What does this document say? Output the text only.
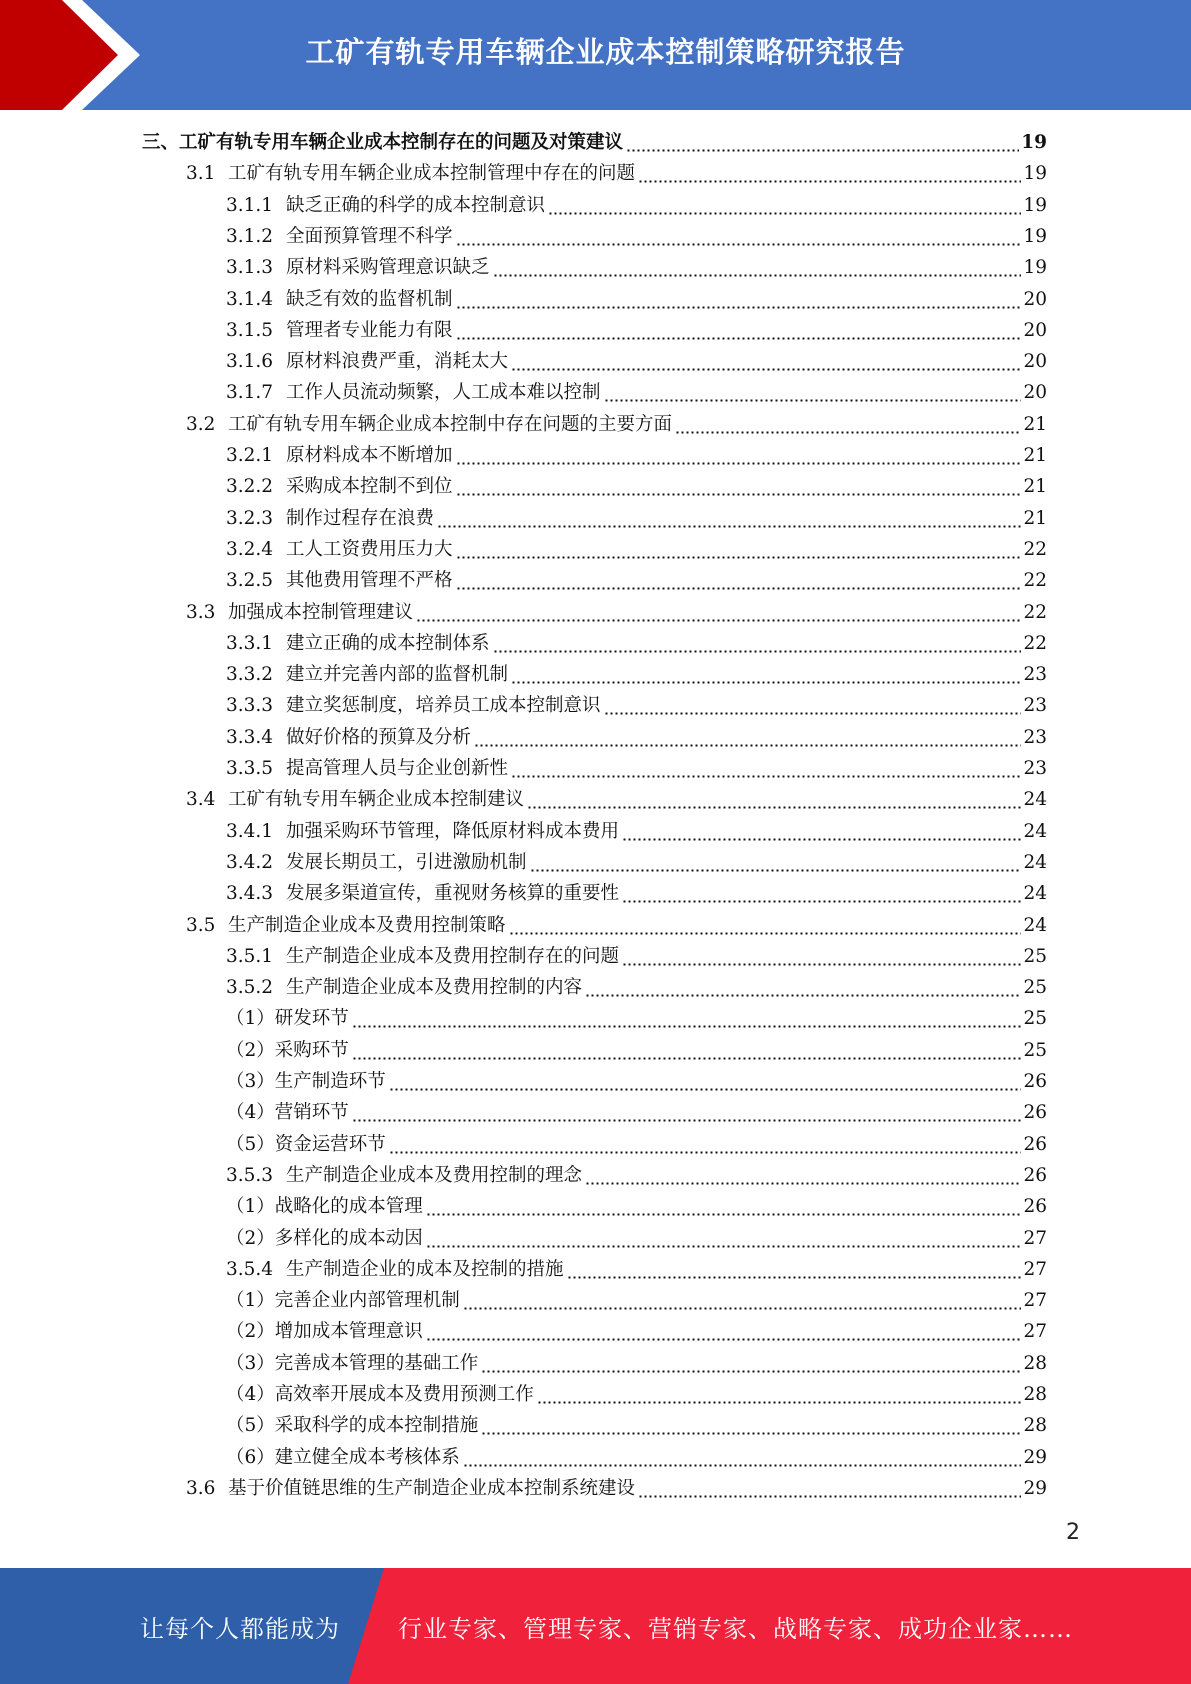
工矿有轨专用车辆企业成本控制策略研究报告
三、 工矿有轨专用车辆企业成本控制存在的问题及对策建议	19
3.1 工矿有轨专用车辆企业成本控制管理中存在的问题	19
3.1.1 缺乏正确的科学的成本控制意识	19
3.1.2 全面预算管理不科学	19
3.1.3 原材料采购管理意识缺乏	19
3.1.4 缺乏有效的监督机制	20
3.1.5 管理者专业能力有限	20
3.1.6 原材料浪费严重，消耗太大	20
3.1.7 工作人员流动频繁，人工成本难以控制	20
3.2 工矿有轨专用车辆企业成本控制中存在问题的主要方面	21
3.2.1 原材料成本不断增加	21
3.2.2 采购成本控制不到位	21
3.2.3 制作过程存在浪费	21
3.2.4 工人工资费用压力大	22
3.2.5 其他费用管理不严格	22
3.3 加强成本控制管理建议	22
3.3.1 建立正确的成本控制体系	22
3.3.2 建立并完善内部的监督机制	23
3.3.3 建立奖惩制度，培养员工成本控制意识	23
3.3.4 做好价格的预算及分析	23
3.3.5 提高管理人员与企业创新性	23
3.4 工矿有轨专用车辆企业成本控制建议	24
3.4.1 加强采购环节管理，降低原材料成本费用	24
3.4.2 发展长期员工，引进激励机制	24
3.4.3 发展多渠道宣传，重视财务核算的重要性	24
3.5 生产制造企业成本及费用控制策略	24
3.5.1 生产制造企业成本及费用控制存在的问题	25
3.5.2 生产制造企业成本及费用控制的内容	25
（1） 研发环节	25
（2） 采购环节	25
（3） 生产制造环节	26
（4） 营销环节	26
（5） 资金运营环节	26
3.5.3 生产制造企业成本及费用控制的理念	26
（1） 战略化的成本管理	26
（2） 多样化的成本动因	27
3.5.4 生产制造企业的成本及控制的措施	27
（1） 完善企业内部管理机制	27
（2） 增加成本管理意识	27
（3） 完善成本管理的基础工作	28
（4） 高效率开展成本及费用预测工作	28
（5） 采取科学的成本控制措施	28
（6） 建立健全成本考核体系	29
3.6 基于价值链思维的生产制造企业成本控制系统建设	29
2
让每个人都能成为 行业专家、管理专家、营销专家、战略专家、成功企业家……
